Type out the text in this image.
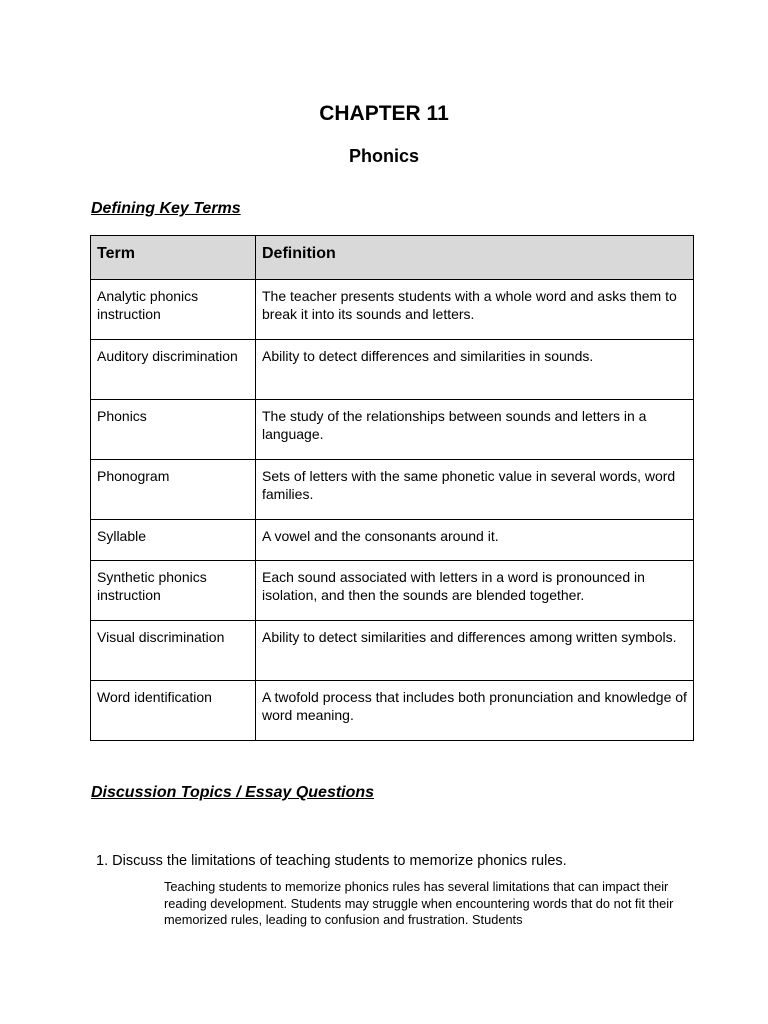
CHAPTER 11
Phonics
Defining Key Terms
Term	Definition
Analytic phonics instruction	The teacher presents students with a whole word and asks them to break it into its sounds and letters.
Auditory discrimination	Ability to detect differences and similarities in sounds.
Phonics	The study of the relationships between sounds and letters in a language.
Phonogram	Sets of letters with the same phonetic value in several words, word families.
Syllable	A vowel and the consonants around it.
Synthetic phonics instruction	Each sound associated with letters in a word is pronounced in isolation, and then the sounds are blended together.
Visual discrimination	Ability to detect similarities and differences among written symbols.
Word identification	A twofold process that includes both pronunciation and knowledge of word meaning.
Discussion Topics / Essay Questions
1. Discuss the limitations of teaching students to memorize phonics rules.
Teaching students to memorize phonics rules has several limitations that can impact their reading development. Students may struggle when encountering words that do not fit their memorized rules, leading to confusion and frustration. Students
